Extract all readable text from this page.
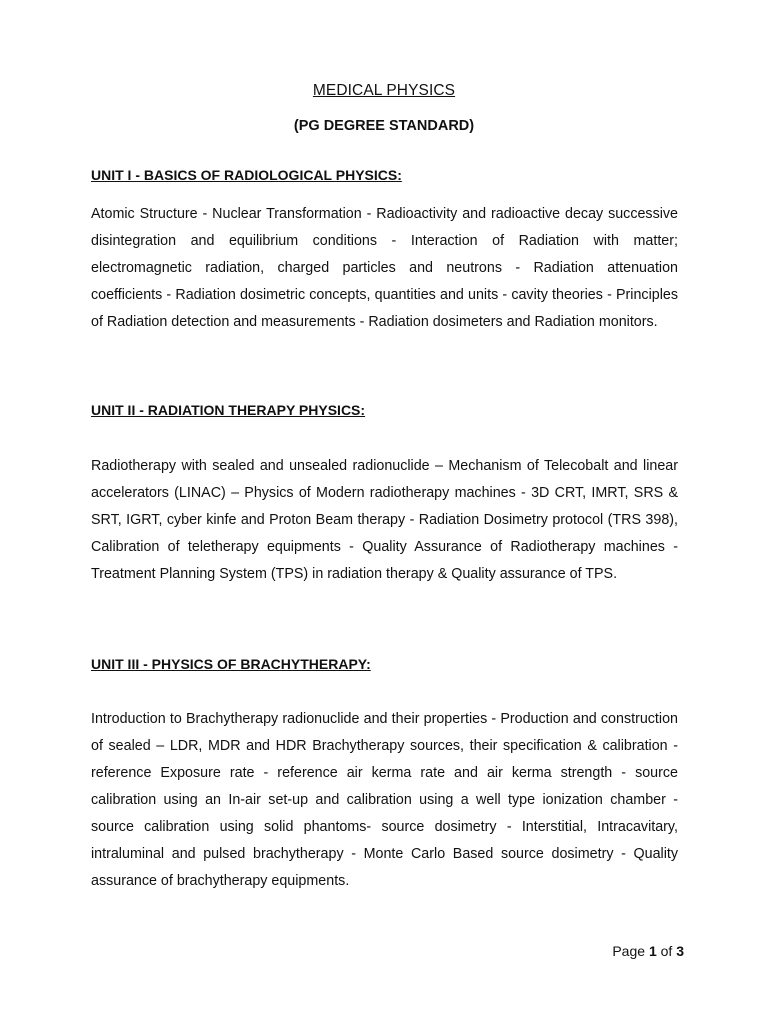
MEDICAL PHYSICS
(PG DEGREE STANDARD)
UNIT I - BASICS OF RADIOLOGICAL PHYSICS:

Atomic Structure - Nuclear Transformation - Radioactivity and radioactive decay successive disintegration and equilibrium conditions - Interaction of Radiation with matter; electromagnetic radiation, charged particles and neutrons - Radiation attenuation coefficients - Radiation dosimetric concepts, quantities and units - cavity theories - Principles of Radiation detection and measurements - Radiation dosimeters and Radiation monitors.

UNIT II - RADIATION THERAPY PHYSICS:

Radiotherapy with sealed and unsealed radionuclide – Mechanism of Telecobalt and linear accelerators (LINAC) – Physics of Modern radiotherapy machines - 3D CRT, IMRT, SRS & SRT, IGRT, cyber kinfe and Proton Beam therapy - Radiation Dosimetry protocol (TRS 398), Calibration of teletherapy equipments - Quality Assurance of Radiotherapy machines - Treatment Planning System (TPS) in radiation therapy & Quality assurance of TPS.

UNIT III - PHYSICS OF BRACHYTHERAPY:

Introduction to Brachytherapy radionuclide and their properties - Production and construction of sealed – LDR, MDR and HDR Brachytherapy sources, their specification & calibration - reference Exposure rate - reference air kerma rate and air kerma strength - source calibration using an In-air set-up and calibration using a well type ionization chamber - source calibration using solid phantoms- source dosimetry - Interstitial, Intracavitary, intraluminal and pulsed brachytherapy - Monte Carlo Based source dosimetry - Quality assurance of brachytherapy equipments.

Page 1 of 3
